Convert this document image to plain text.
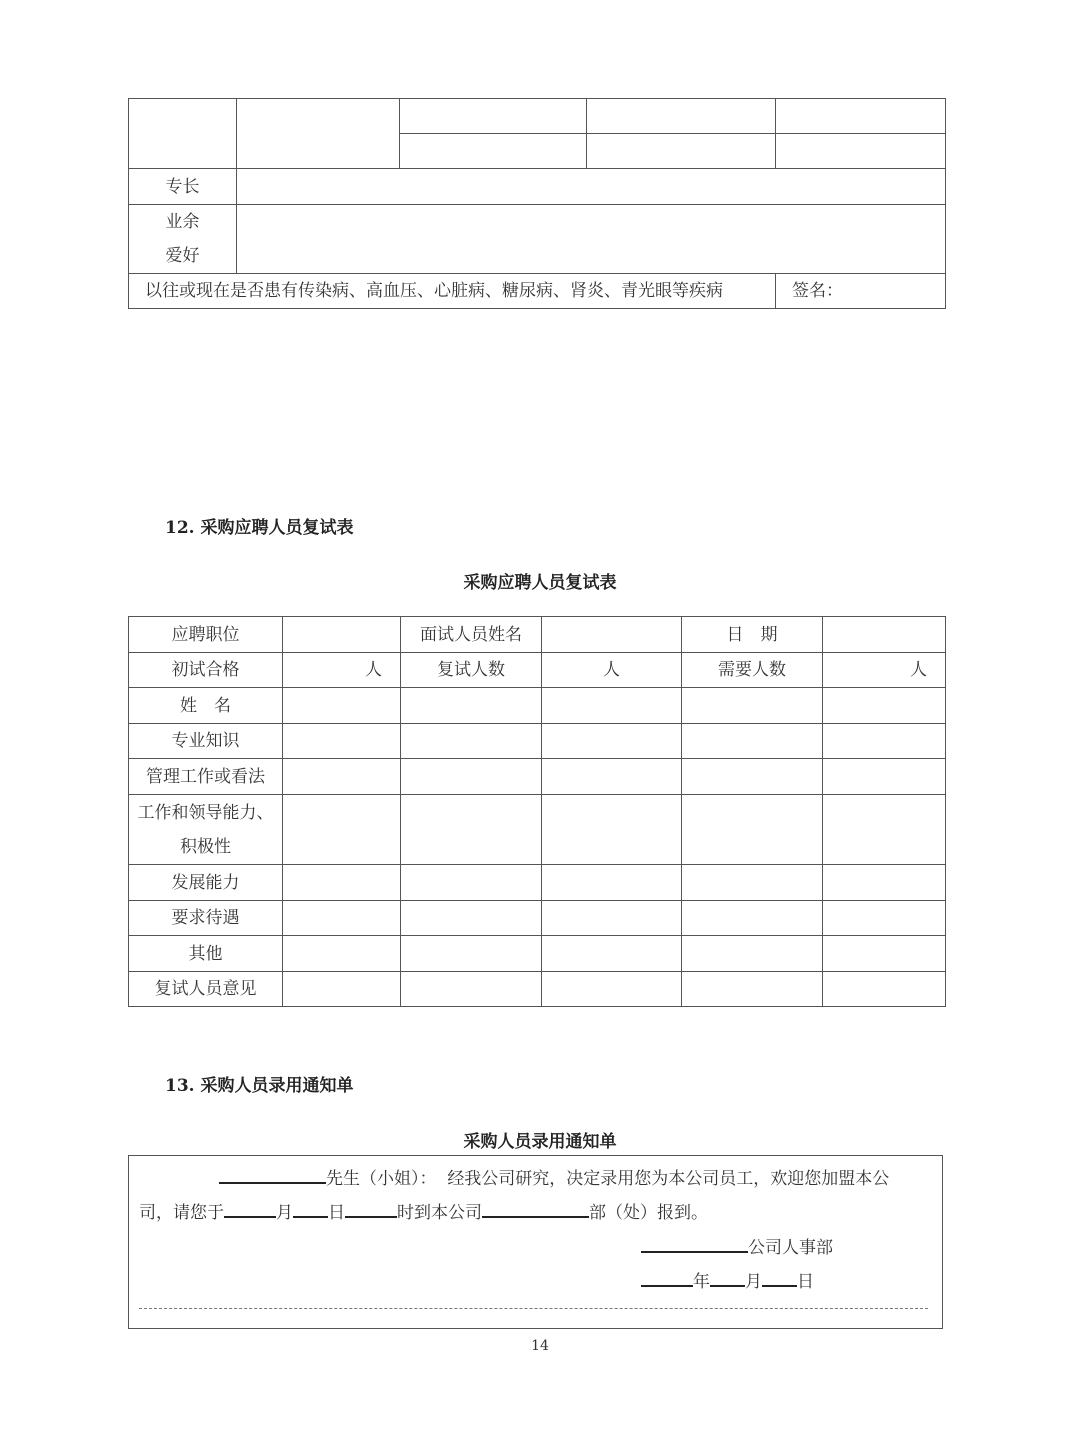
专长				

业余
爱好				

以往或现在是否患有传染病、高血压、心脏病、糖尿病、肾炎、青光眼等疾病				签名：
12. 采购应聘人员复试表
采购应聘人员复试表
应聘职位		面试人员姓名		日　期	
初试合格	人	复试人数	人	需要人数	人
姓　名					
专业知识					
管理工作或看法					

工作和领导能力、
积极性					

发展能力					
要求待遇					
其他					
复试人员意见					
13. 采购人员录用通知单
采购人员录用通知单
先生（小姐）： 经我公司研究，决定录用您为本公司员工，欢迎您加盟本公
司，请您于	月 日	时到本公司	部（处）报到。
公司人事部
年 月 日
14
